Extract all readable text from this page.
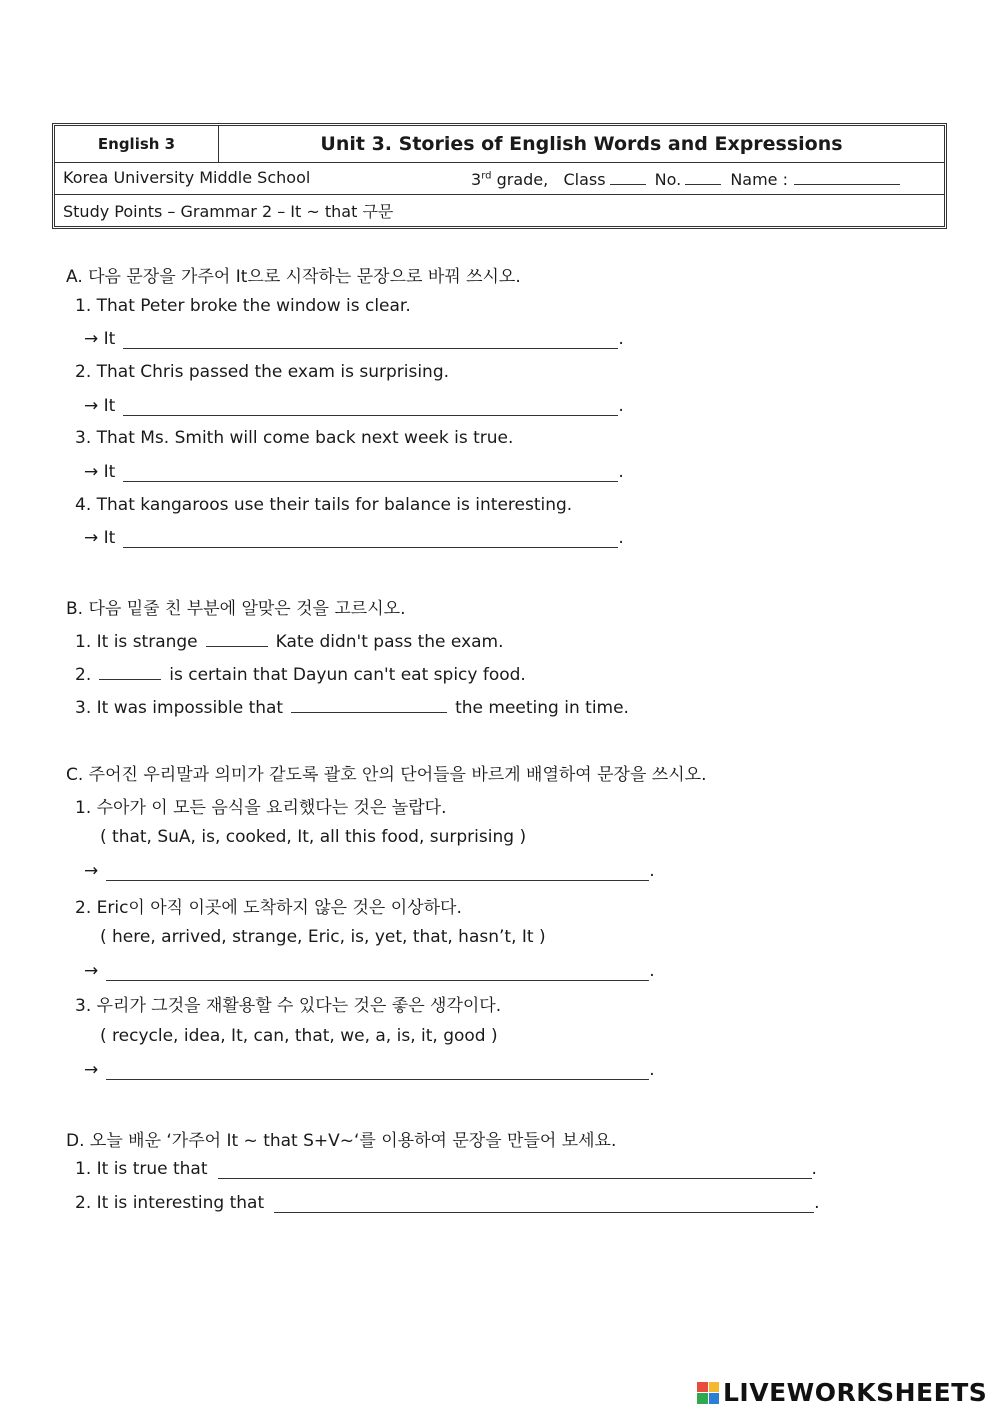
English 3	Unit 3. Stories of English Words and Expressions
Korea University Middle School	3rd grade, Class	No.	Name :
Study Points – Grammar 2 – It ~ that 구문
A. 다음 문장을 가주어 It으로 시작하는 문장으로 바꿔 쓰시오.
1. That Peter broke the window is clear.
→ It	.
2. That Chris passed the exam is surprising.
→ It	.
3. That Ms. Smith will come back next week is true.
→ It	.
4. That kangaroos use their tails for balance is interesting.
→ It	.
B. 다음 밑줄 친 부분에 알맞은 것을 고르시오.
1. It is strange	Kate didn't pass the exam.
2.	is certain that Dayun can't eat spicy food.
3. It was impossible that	the meeting in time.
C. 주어진 우리말과 의미가 같도록 괄호 안의 단어들을 바르게 배열하여 문장을 쓰시오.
1. 수아가 이 모든 음식을 요리했다는 것은 놀랍다.
( that, SuA, is, cooked, It, all this food, surprising )
→	.
2. Eric이 아직 이곳에 도착하지 않은 것은 이상하다.
( here, arrived, strange, Eric, is, yet, that, hasn’t, It )
→	.
3. 우리가 그것을 재활용할 수 있다는 것은 좋은 생각이다.
( recycle, idea, It, can, that, we, a, is, it, good )
→	.
D. 오늘 배운 ‘가주어 It ~ that S+V~‘를 이용하여 문장을 만들어 보세요.
1. It is true that	.
2. It is interesting that	.
LIVEWORKSHEETS
